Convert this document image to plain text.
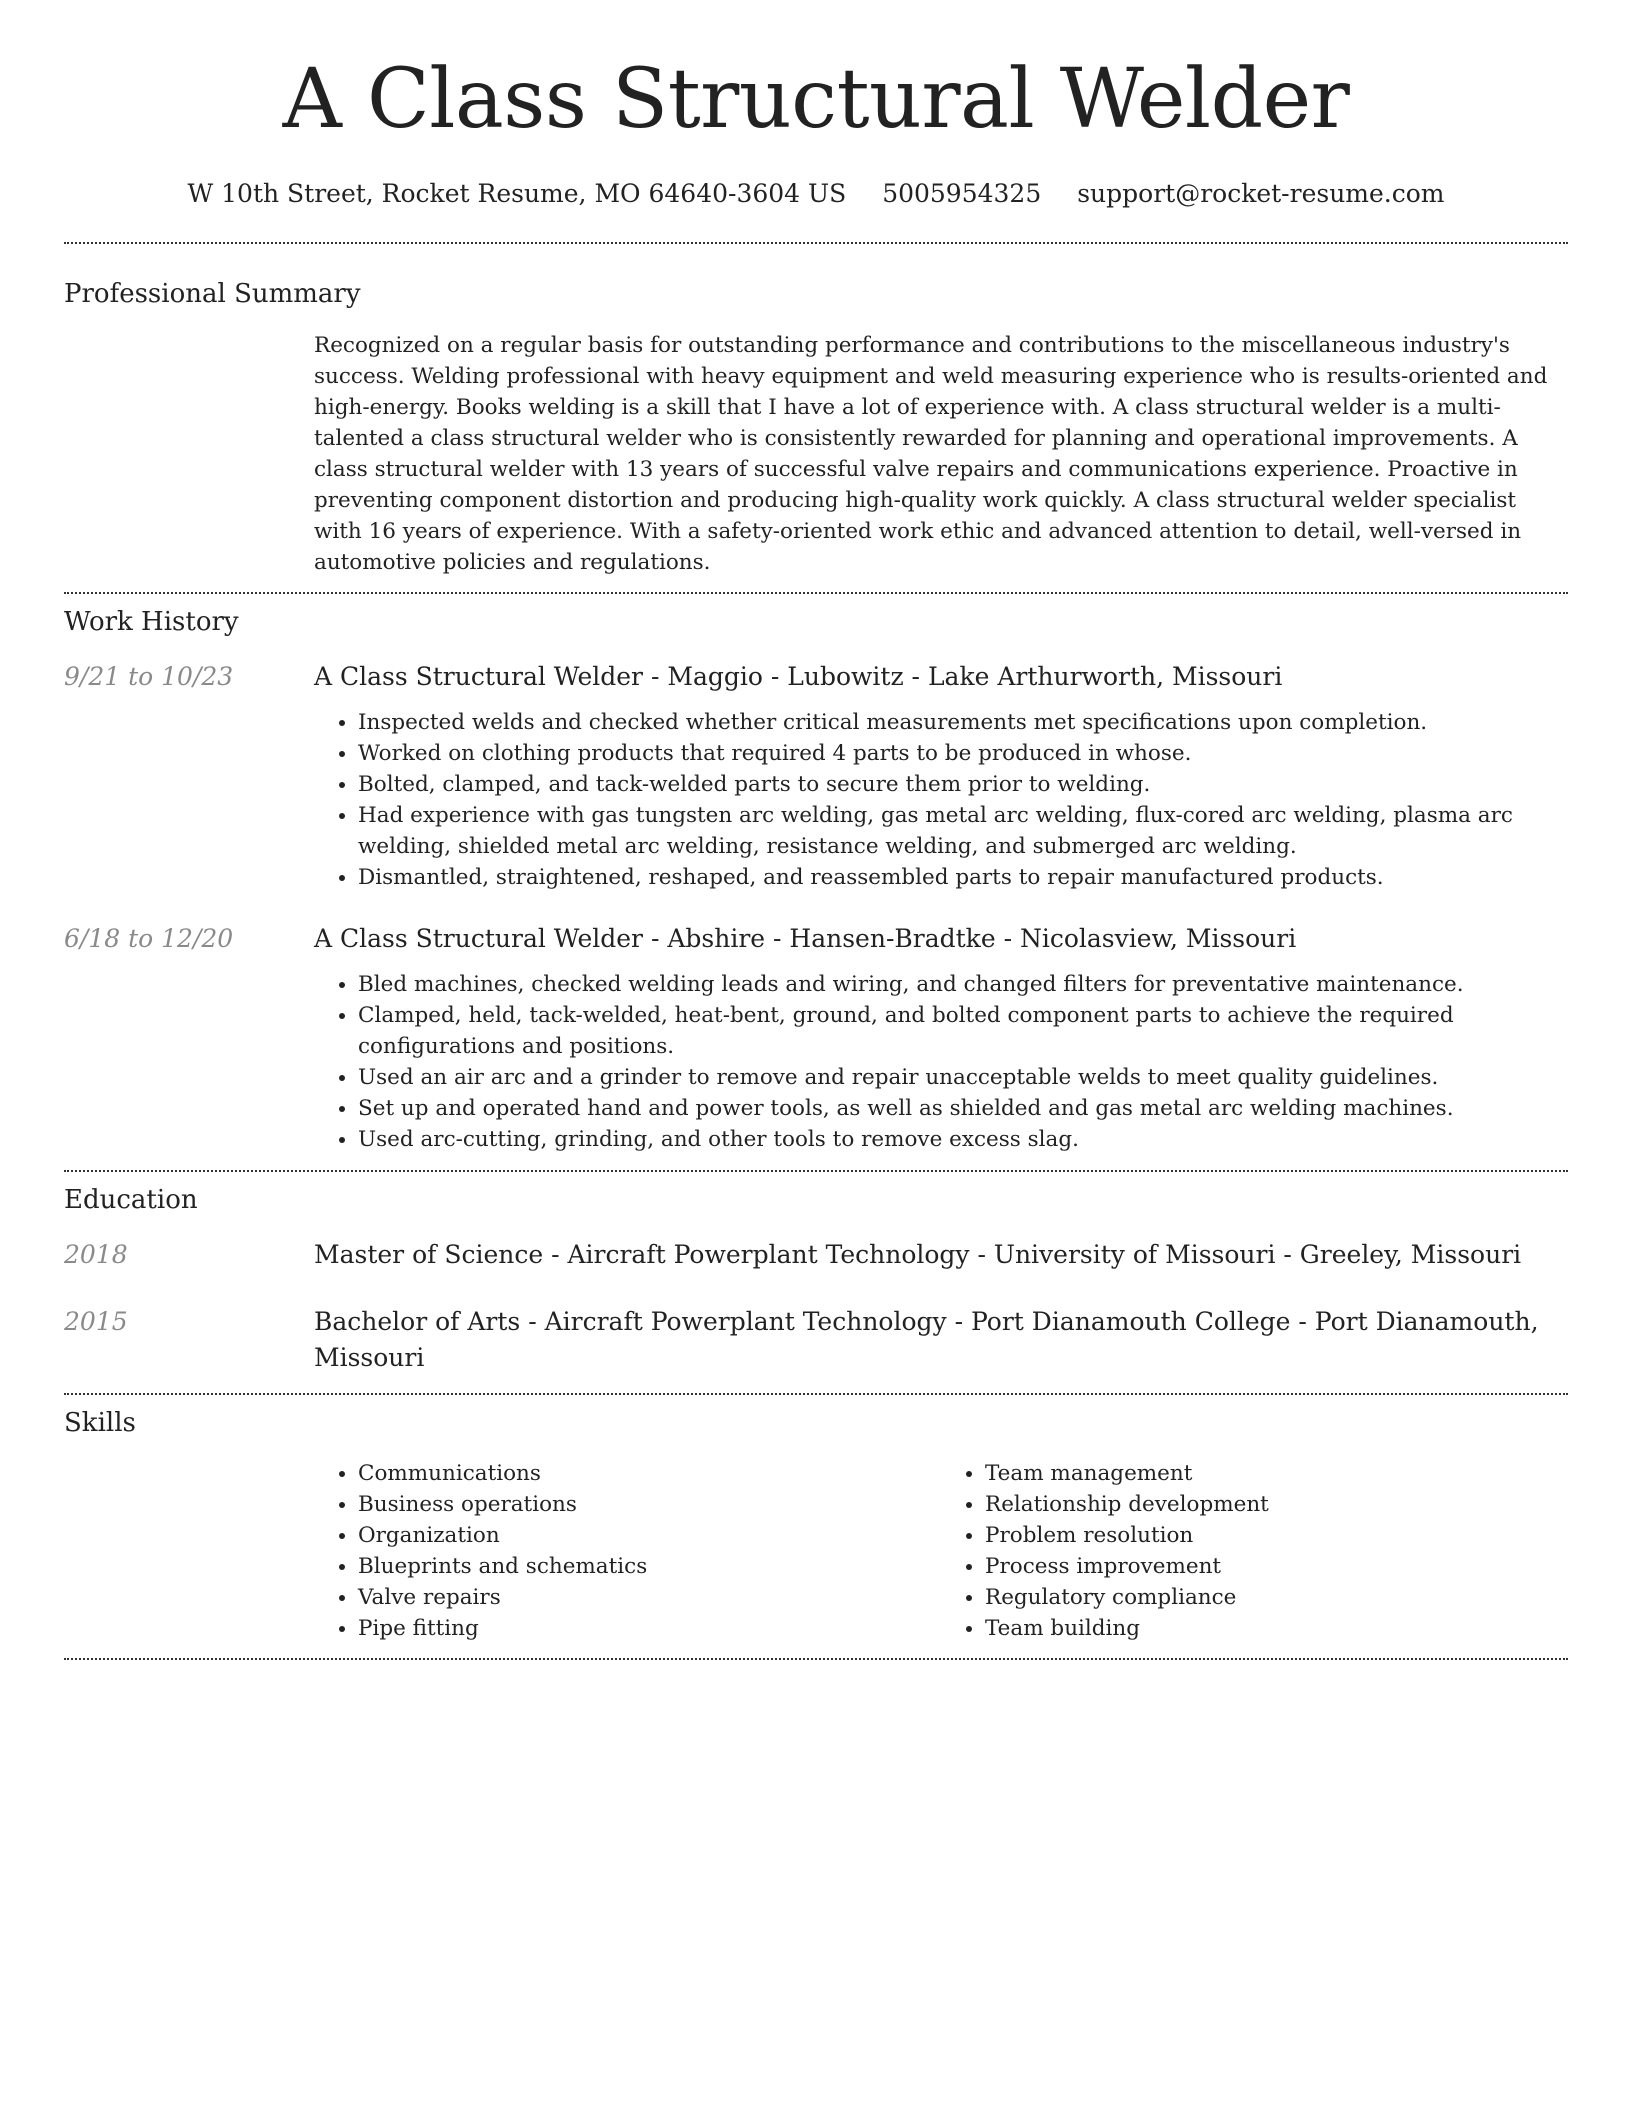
A Class Structural Welder
W 10th Street, Rocket Resume, MO 64640-3604 US 5005954325 support@rocket-resume.com
Professional Summary

Recognized on a regular basis for outstanding performance and contributions to the miscellaneous industry's success. Welding professional with heavy equipment and weld measuring experience who is results-oriented and high-energy. Books welding is a skill that I have a lot of experience with. A class structural welder is a multi-talented a class structural welder who is consistently rewarded for planning and operational improvements. A class structural welder with 13 years of successful valve repairs and communications experience. Proactive in preventing component distortion and producing high-quality work quickly. A class structural welder specialist with 16 years of experience. With a safety-oriented work ethic and advanced attention to detail, well-versed in automotive policies and regulations.

Work History
9/21 to 10/23	A Class Structural Welder - Maggio - Lubowitz - Lake Arthurworth, Missouri

• Inspected welds and checked whether critical measurements met specifications upon completion.
• Worked on clothing products that required 4 parts to be produced in whose.
• Bolted, clamped, and tack-welded parts to secure them prior to welding.
• Had experience with gas tungsten arc welding, gas metal arc welding, flux-cored arc welding, plasma arc welding, shielded metal arc welding, resistance welding, and submerged arc welding.
• Dismantled, straightened, reshaped, and reassembled parts to repair manufactured products.
6/18 to 12/20	A Class Structural Welder - Abshire - Hansen-Bradtke - Nicolasview, Missouri

• Bled machines, checked welding leads and wiring, and changed filters for preventative maintenance.
• Clamped, held, tack-welded, heat-bent, ground, and bolted component parts to achieve the required configurations and positions.
• Used an air arc and a grinder to remove and repair unacceptable welds to meet quality guidelines.
• Set up and operated hand and power tools, as well as shielded and gas metal arc welding machines.
• Used arc-cutting, grinding, and other tools to remove excess slag.
Education
2018	Master of Science - Aircraft Powerplant Technology - University of Missouri - Greeley, Missouri

2015	Bachelor of Arts - Aircraft Powerplant Technology - Port Dianamouth College - Port Dianamouth, Missouri

Skills
• Communications
• Business operations
• Organization
• Blueprints and schematics
• Valve repairs
• Pipe fitting
• Team management
• Relationship development
• Problem resolution
• Process improvement
• Regulatory compliance
• Team building
